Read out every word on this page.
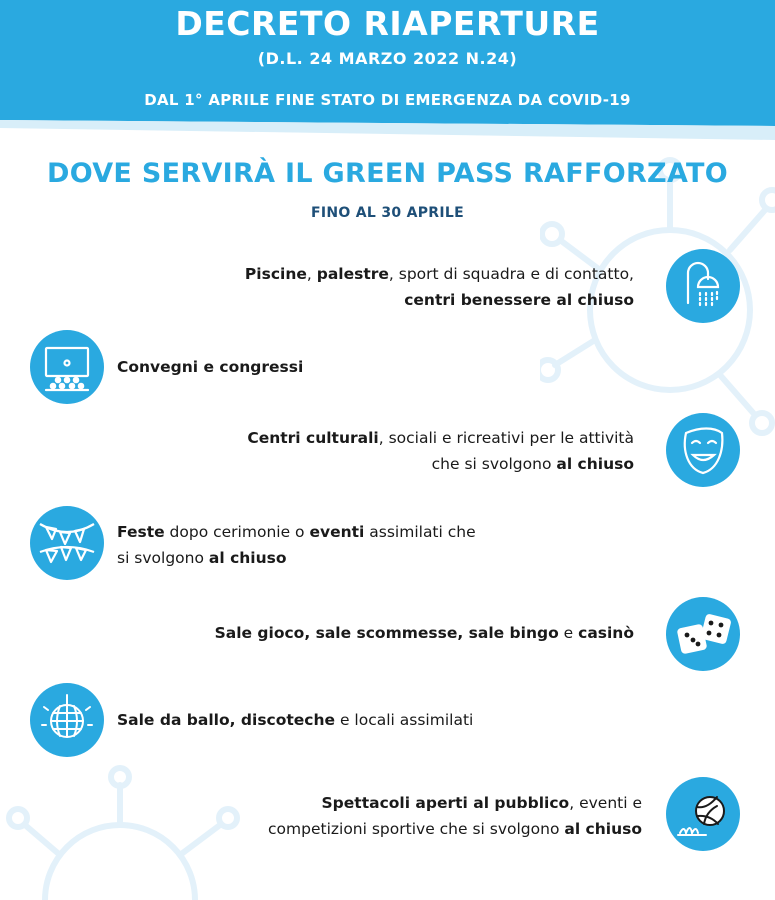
DECRETO RIAPERTURE
(D.L. 24 MARZO 2022 N.24)
DAL 1° APRILE FINE STATO DI EMERGENZA DA COVID-19
DOVE SERVIRÀ IL GREEN PASS RAFFORZATO
FINO AL 30 APRILE
Piscine, palestre, sport di squadra e di contatto,
centri benessere al chiuso
Convegni e congressi
Centri culturali, sociali e ricreativi per le attività
che si svolgono al chiuso
Feste dopo cerimonie o eventi assimilati che
si svolgono al chiuso
Sale gioco, sale scommesse, sale bingo e casinò
Sale da ballo, discoteche e locali assimilati
Spettacoli aperti al pubblico, eventi e
competizioni sportive che si svolgono al chiuso
